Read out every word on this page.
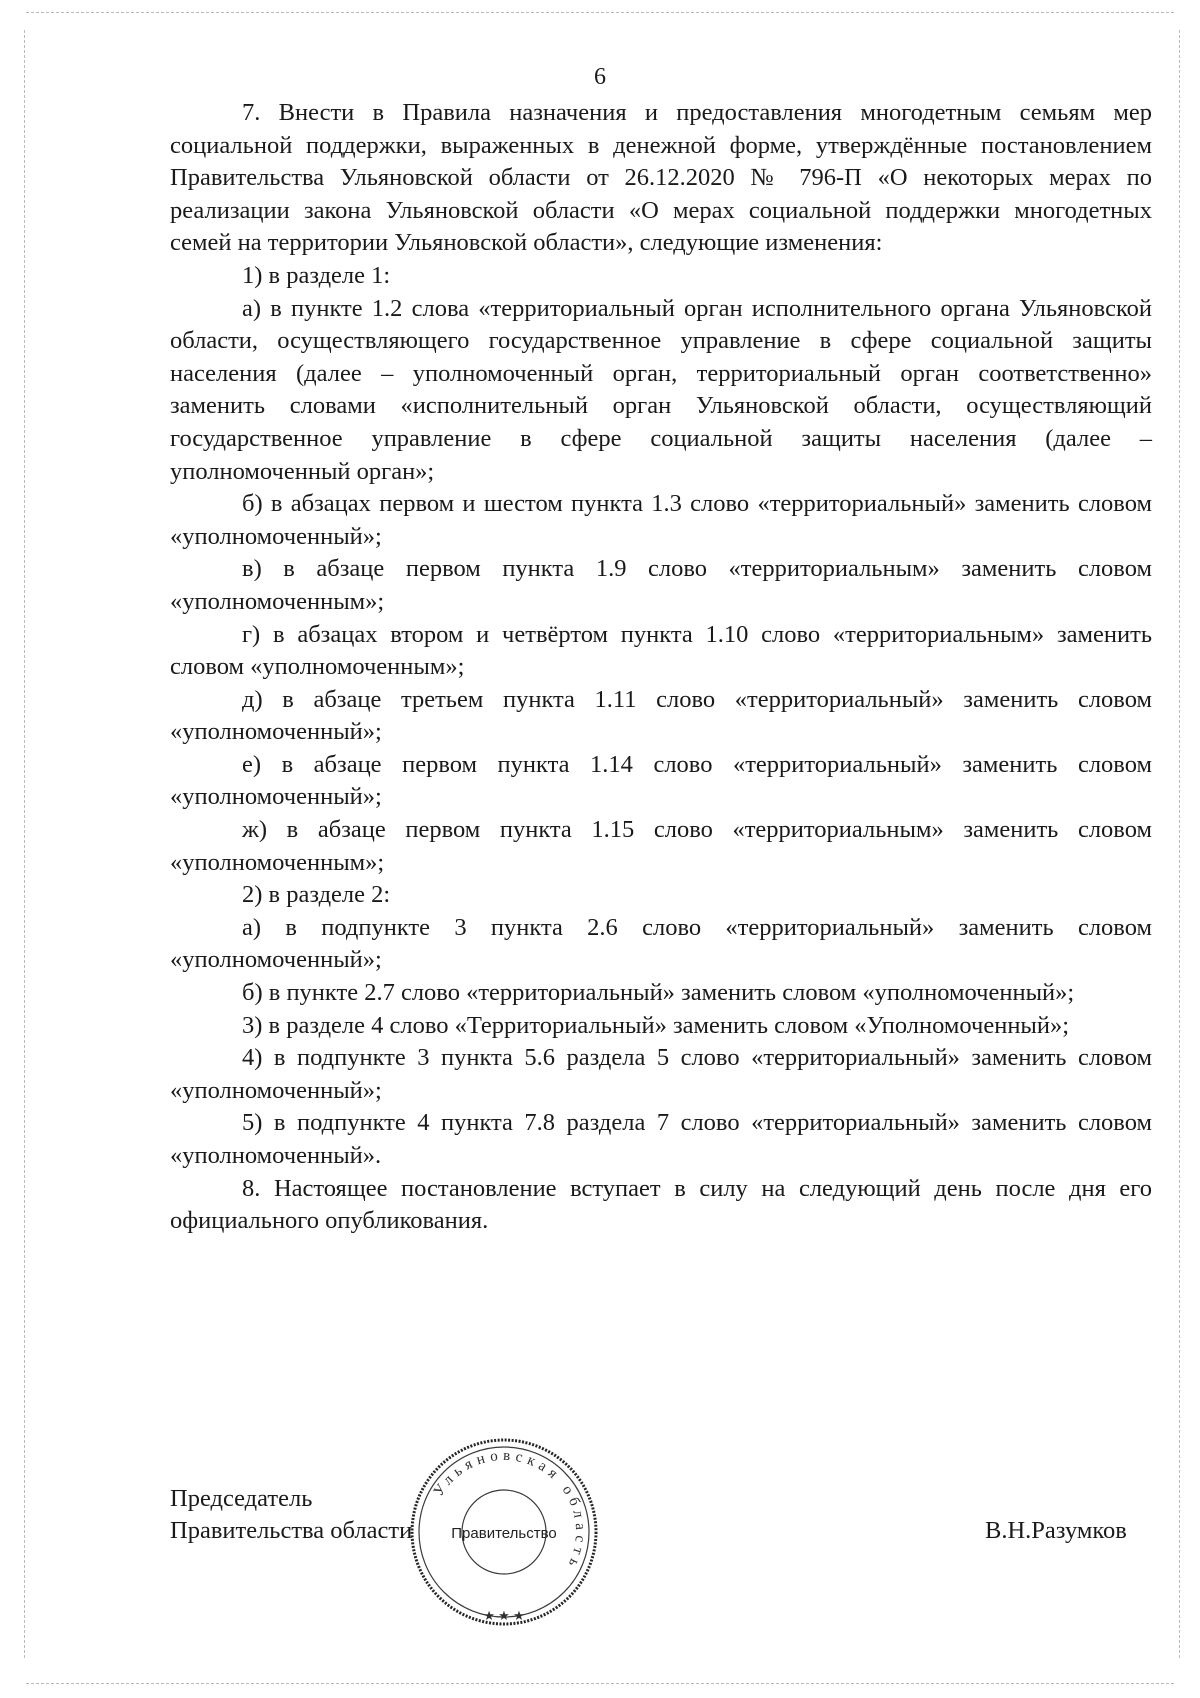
6

7. Внести в Правила назначения и предоставления многодетным семьям мер социальной поддержки, выраженных в денежной форме, утверждённые постановлением Правительства Ульяновской области от 26.12.2020 № 796-П «О некоторых мерах по реализации закона Ульяновской области «О мерах социальной поддержки многодетных семей на территории Ульяновской области», следующие изменения:

1) в разделе 1:

а) в пункте 1.2 слова «территориальный орган исполнительного органа Ульяновской области, осуществляющего государственное управление в сфере социальной защиты населения (далее – уполномоченный орган, территориальный орган соответственно» заменить словами «исполнительный орган Ульяновской области, осуществляющий государственное управление в сфере социальной защиты населения (далее – уполномоченный орган»;

б) в абзацах первом и шестом пункта 1.3 слово «территориальный» заменить словом «уполномоченный»;

в) в абзаце первом пункта 1.9 слово «территориальным» заменить словом «уполномоченным»;

г) в абзацах втором и четвёртом пункта 1.10 слово «территориальным» заменить словом «уполномоченным»;

д) в абзаце третьем пункта 1.11 слово «территориальный» заменить словом «уполномоченный»;

е) в абзаце первом пункта 1.14 слово «территориальный» заменить словом «уполномоченный»;

ж) в абзаце первом пункта 1.15 слово «территориальным» заменить словом «уполномоченным»;

2) в разделе 2:

а) в подпункте 3 пункта 2.6 слово «территориальный» заменить словом «уполномоченный»;

б) в пункте 2.7 слово «территориальный» заменить словом «уполномоченный»;

3) в разделе 4 слово «Территориальный» заменить словом «Уполномоченный»;

4) в подпункте 3 пункта 5.6 раздела 5 слово «территориальный» заменить словом «уполномоченный»;

5) в подпункте 4 пункта 7.8 раздела 7 слово «территориальный» заменить словом «уполномоченный».

8. Настоящее постановление вступает в силу на следующий день после дня его официального опубликования.

Председатель
Правительства области	В.Н.Разумков
Ульяновская область
Правительство
★ ★ ★
